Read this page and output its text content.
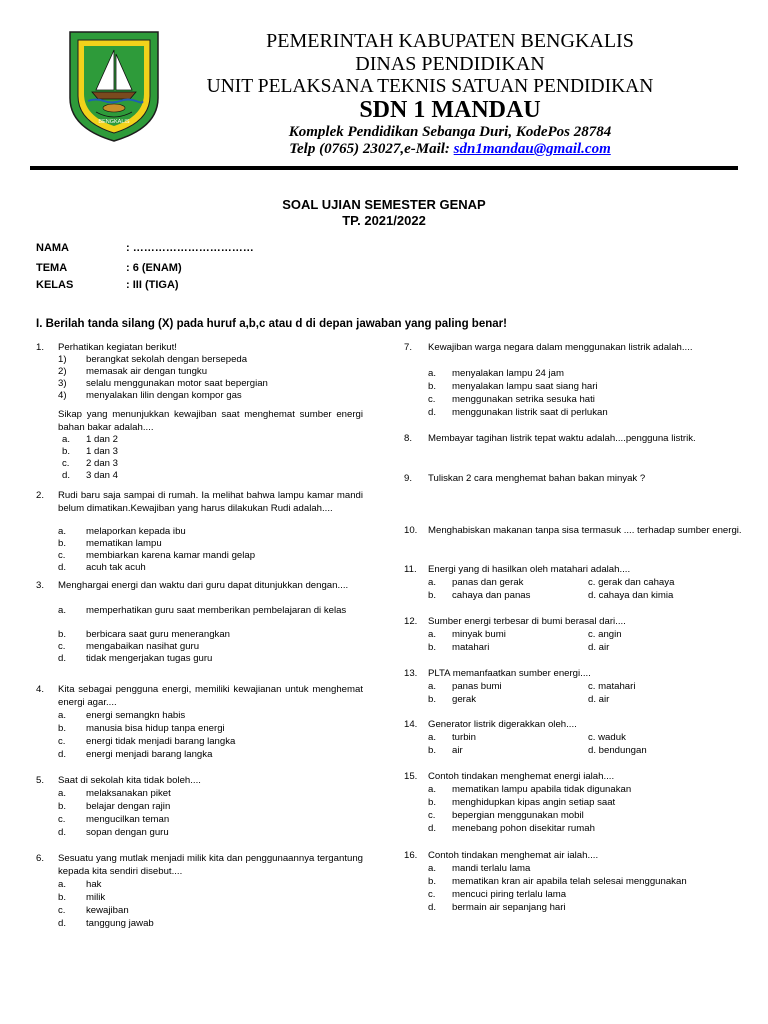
BENGKALIS
PEMERINTAH KABUPATEN BENGKALIS
DINAS PENDIDIKAN
UNIT PELAKSANA TEKNIS SATUAN PENDIDIKAN
SDN 1 MANDAU
Komplek Pendidikan Sebanga Duri, KodePos 28784
Telp (0765) 23027,e-Mail: sdn1mandau@gmail.com
SOAL UJIAN SEMESTER GENAP
TP. 2021/2022
NAMA	: ……………………………
TEMA	: 6 (ENAM)
KELAS	: III (TIGA)
I. Berilah tanda silang (X) pada huruf a,b,c atau d di depan jawaban yang paling benar!
1. Perhatikan kegiatan berikut!
1) berangkat sekolah dengan bersepeda
2) memasak air dengan tungku
3) selalu menggunakan motor saat bepergian
4) menyalakan lilin dengan kompor gas
Sikap yang menunjukkan kewajiban saat menghemat sumber energi bahan bakar adalah....
a. 1 dan 2
b. 1 dan 3
c. 2 dan 3
d. 3 dan 4
2. Rudi baru saja sampai di rumah. Ia melihat bahwa lampu kamar mandi belum dimatikan.Kewajiban yang harus dilakukan Rudi adalah....
a. melaporkan kepada ibu
b. mematikan lampu
c. membiarkan karena kamar mandi gelap
d. acuh tak acuh
3. Menghargai energi dan waktu dari guru dapat ditunjukkan dengan....
a. memperhatikan guru saat memberikan pembelajaran di kelas
b. berbicara saat guru menerangkan
c. mengabaikan nasihat guru
d. tidak mengerjakan tugas guru
4. Kita sebagai pengguna energi, memiliki kewajianan untuk menghemat energi agar....
a. energi semangkn habis
b. manusia bisa hidup tanpa energi
c. energi tidak menjadi barang langka
d. energi menjadi barang langka
5. Saat di sekolah kita tidak boleh....
a. melaksanakan piket
b. belajar dengan rajin
c. mengucilkan teman
d. sopan dengan guru
6. Sesuatu yang mutlak menjadi milik kita dan penggunaannya tergantung kepada kita sendiri disebut....
a. hak
b. milik
c. kewajiban
d. tanggung jawab
7. Kewajiban warga negara dalam menggunakan listrik adalah....
a. menyalakan lampu 24 jam
b. menyalakan lampu saat siang hari
c. menggunakan setrika sesuka hati
d. menggunakan listrik saat di perlukan
8. Membayar tagihan listrik tepat waktu adalah....pengguna listrik.
9. Tuliskan 2 cara menghemat bahan bakan minyak ?
10. Menghabiskan makanan tanpa sisa termasuk .... terhadap sumber energi.
11. Energi yang di hasilkan oleh matahari adalah....
a. panas dan gerak	c. gerak dan cahaya
b. cahaya dan panas	d. cahaya dan kimia
12. Sumber energi terbesar di bumi berasal dari....
a. minyak bumi	c. angin
b. matahari	d. air
13. PLTA memanfaatkan sumber energi....
a. panas bumi	c. matahari
b. gerak	d. air
14. Generator listrik digerakkan oleh....
a. turbin	c. waduk
b. air	d. bendungan
15. Contoh tindakan menghemat energi ialah....
a. mematikan lampu apabila tidak digunakan
b. menghidupkan kipas angin setiap saat
c. bepergian menggunakan mobil
d. menebang pohon disekitar rumah
16. Contoh tindakan menghemat air ialah....
a. mandi terlalu lama
b. mematikan kran air apabila telah selesai menggunakan
c. mencuci piring terlalu lama
d. bermain air sepanjang hari
